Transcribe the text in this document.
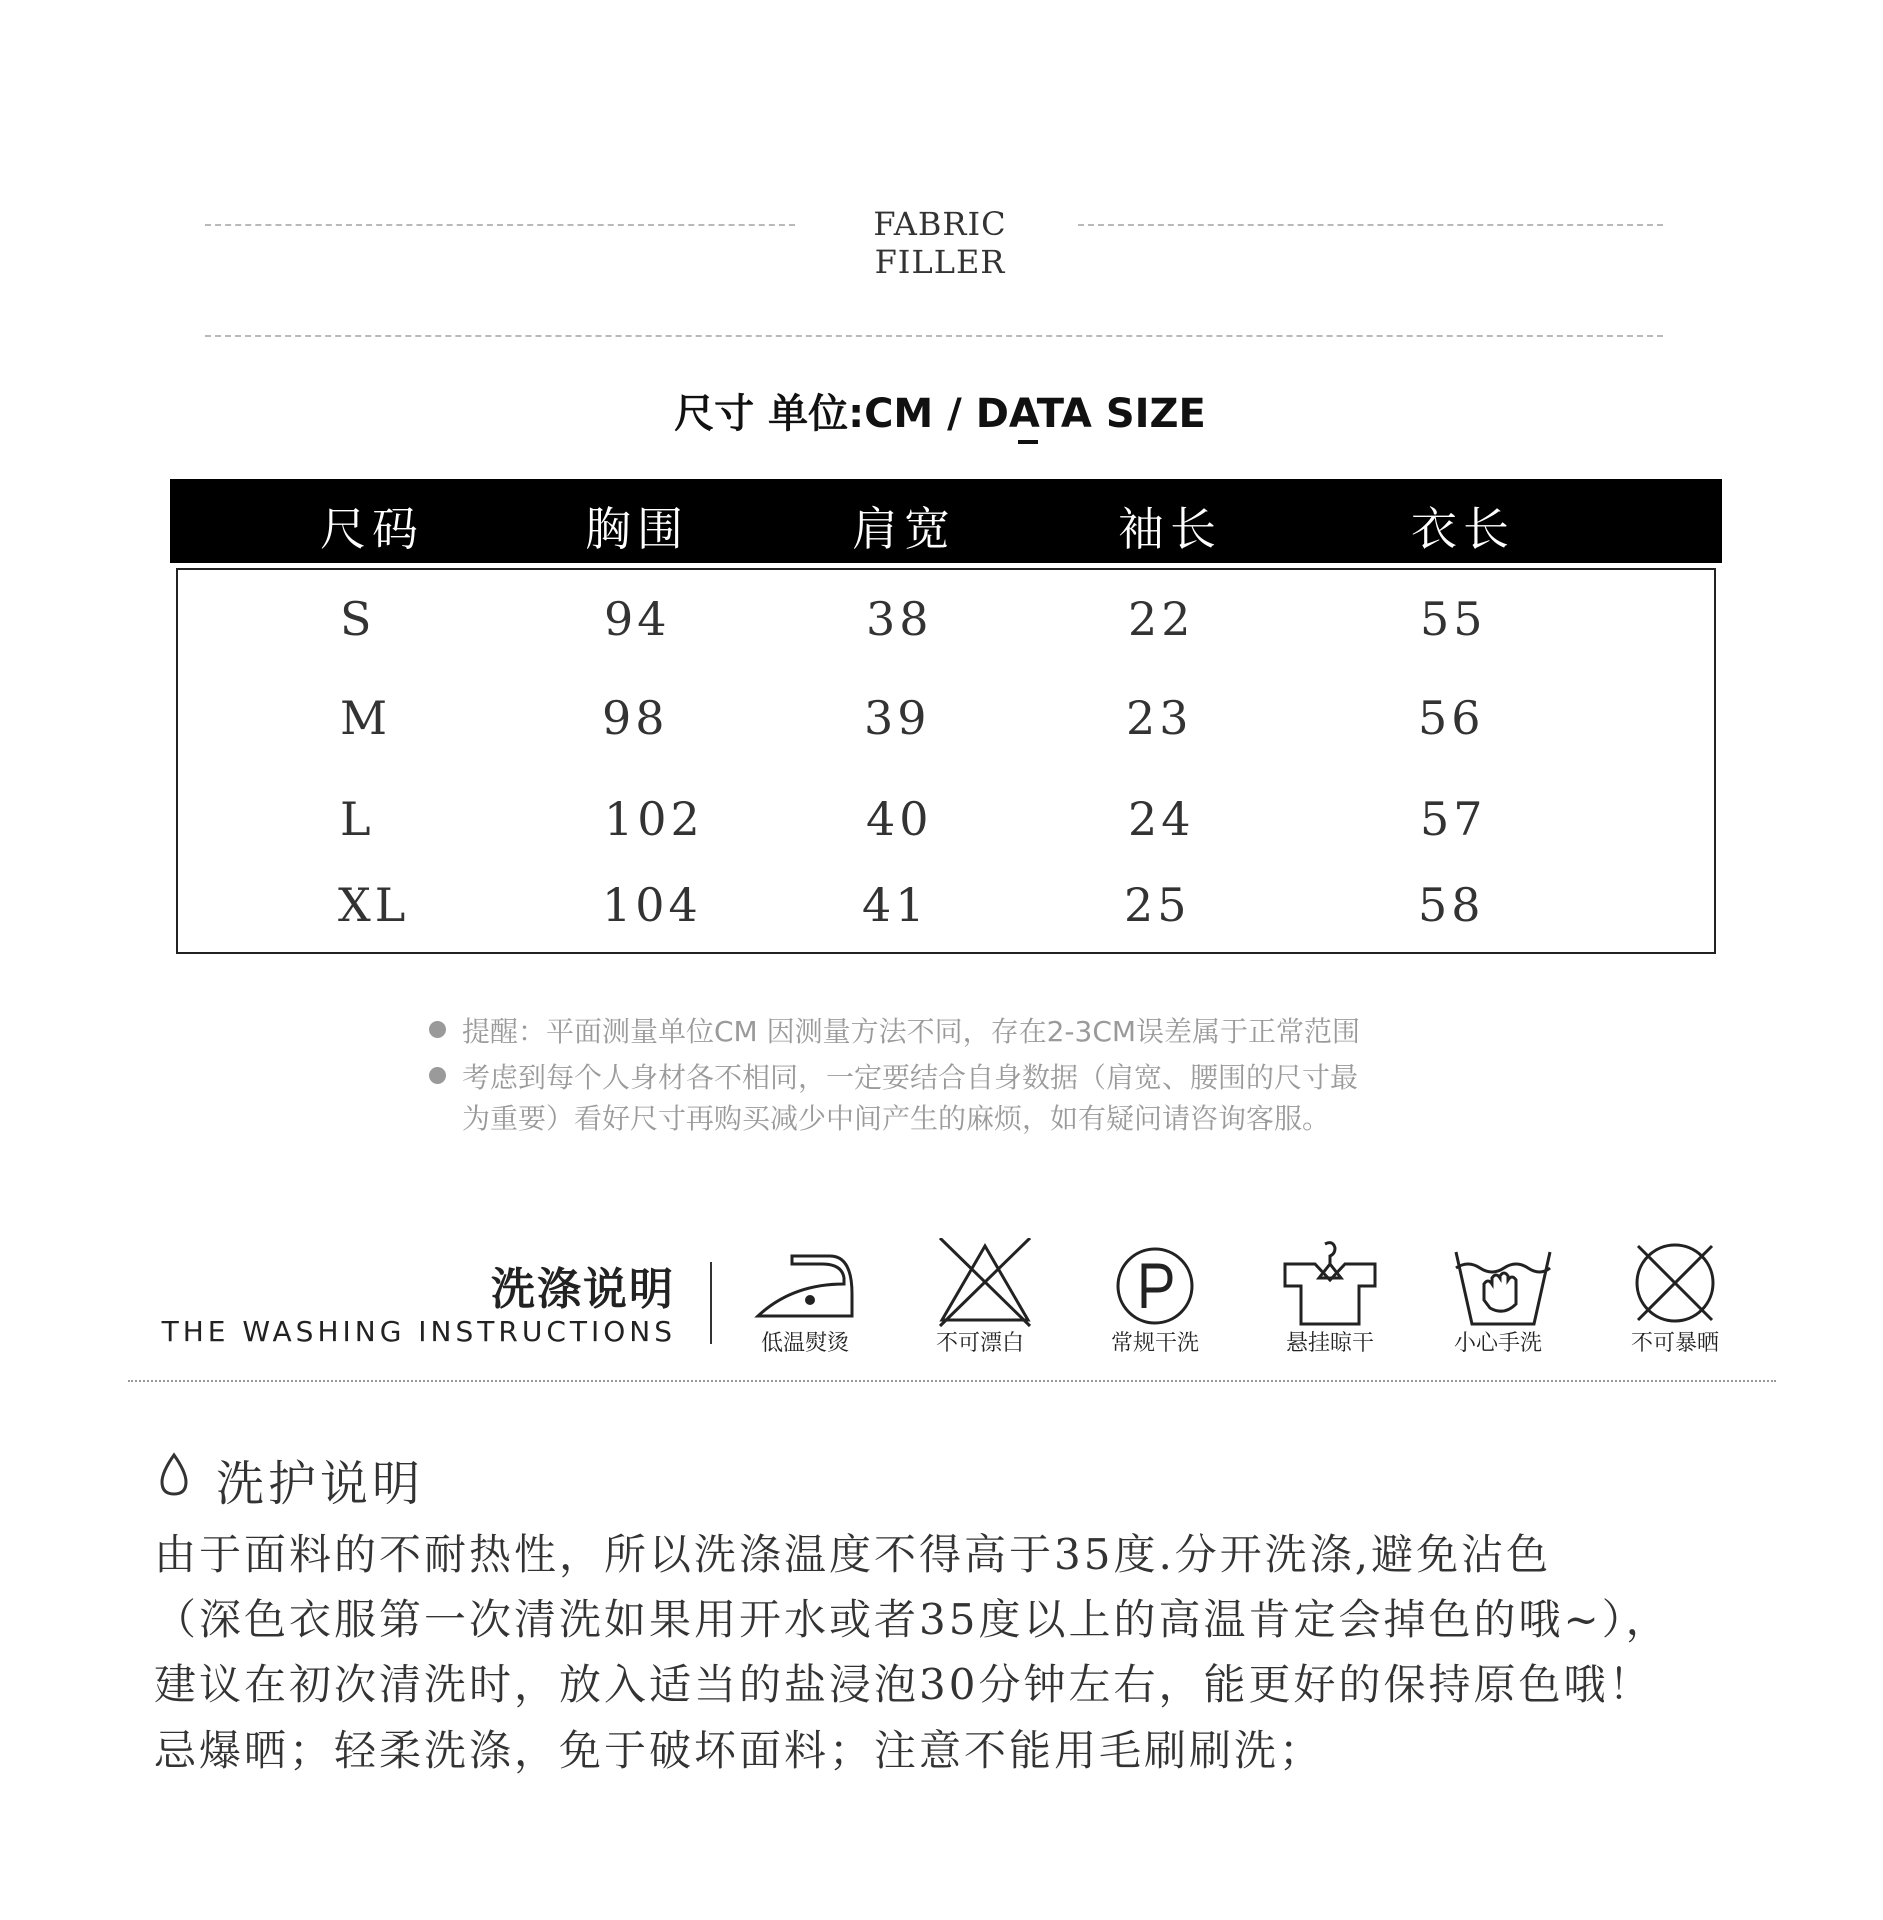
FABRIC FILLER
尺寸 单位:CM / DATA SIZE
尺码	胸围	肩宽	袖长	衣长
S	94	38	22	55
M	98	39	23	56
L	102	40	24	57
XL	104	41	25	58
提醒：平面测量单位CM 因测量方法不同，存在2-3CM误差属于正常范围
考虑到每个人身材各不相同，一定要结合自身数据（肩宽、腰围的尺寸最
为重要）看好尺寸再购买减少中间产生的麻烦，如有疑问请咨询客服。
洗涤说明
THE WASHING INSTRUCTIONS	低温熨烫	不可漂白	常规干洗	悬挂晾干	小心手洗	不可暴晒
洗护说明
由于面料的不耐热性，所以洗涤温度不得高于35度.分开洗涤,避免沾色
（深色衣服第一次清洗如果用开水或者35度以上的高温肯定会掉色的哦~），
建议在初次清洗时，放入适当的盐浸泡30分钟左右，能更好的保持原色哦！
忌爆晒；轻柔洗涤，免于破坏面料；注意不能用毛刷刷洗；
